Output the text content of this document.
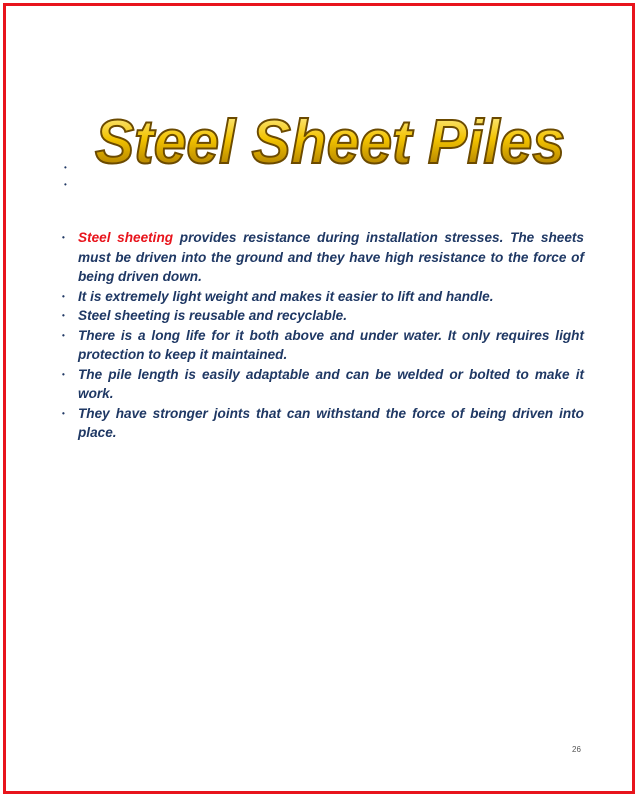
Steel Sheet Piles
•
•

• Steel sheeting provides resistance during installation stresses. The sheets must be driven into the ground and they have high resistance to the force of being driven down.

• It is extremely light weight and makes it easier to lift and handle.

• Steel sheeting is reusable and recyclable.

• There is a long life for it both above and under water. It only requires light protection to keep it maintained.

• The pile length is easily adaptable and can be welded or bolted to make it work.

• They have stronger joints that can withstand the force of being driven into place.

26
